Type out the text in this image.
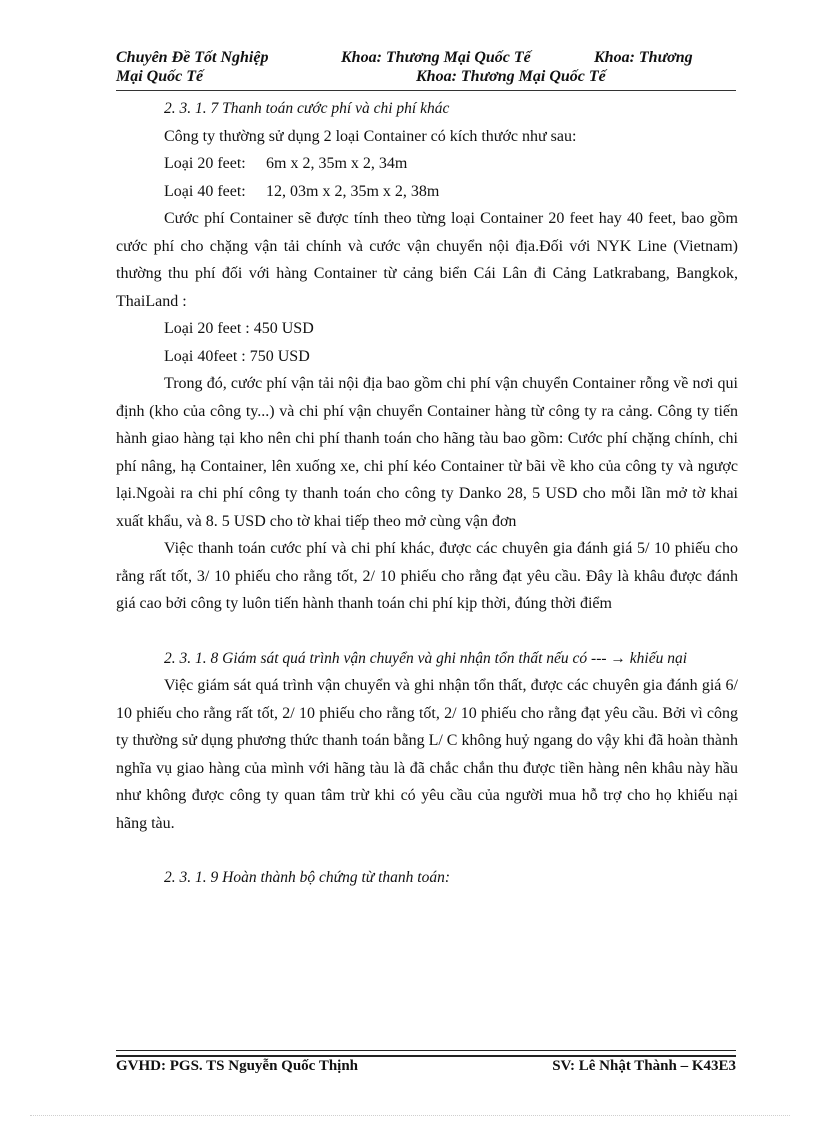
Chuyên Đề Tốt Nghiệp	Khoa: Thương Mại Quốc Tế	Khoa: Thương
Mại Quốc Tế	Khoa: Thương Mại Quốc Tế

2. 3. 1. 7 Thanh toán cước phí và chi phí khác

Công ty thường sử dụng 2 loại Container có kích thước như sau:

Loại 20 feet: 6m x 2, 35m x 2, 34m

Loại 40 feet: 12, 03m x 2, 35m x 2, 38m

Cước phí Container sẽ được tính theo từng loại Container 20 feet hay 40 feet, bao gồm cước phí cho chặng vận tải chính và cước vận chuyển nội địa.Đối với NYK Line (Vietnam) thường thu phí đối với hàng Container từ cảng biển Cái Lân đi Cảng Latkrabang, Bangkok, ThaiLand :

Loại 20 feet : 450 USD

Loại 40feet : 750 USD

Trong đó, cước phí vận tải nội địa bao gồm chi phí vận chuyển Container rỗng về nơi qui định (kho của công ty...) và chi phí vận chuyển Container hàng từ công ty ra cảng. Công ty tiến hành giao hàng tại kho nên chi phí thanh toán cho hãng tàu bao gồm: Cước phí chặng chính, chi phí nâng, hạ Container, lên xuống xe, chi phí kéo Container từ bãi về kho của công ty và ngược lại.Ngoài ra chi phí công ty thanh toán cho công ty Danko 28, 5 USD cho mỗi lần mở tờ khai xuất khẩu, và 8. 5 USD cho tờ khai tiếp theo mở cùng vận đơn

Việc thanh toán cước phí và chi phí khác, được các chuyên gia đánh giá 5/ 10 phiếu cho rằng rất tốt, 3/ 10 phiếu cho rằng tốt, 2/ 10 phiếu cho rằng đạt yêu cầu. Đây là khâu được đánh giá cao bởi công ty luôn tiến hành thanh toán chi phí kịp thời, đúng thời điểm

2. 3. 1. 8 Giám sát quá trình vận chuyển và ghi nhận tổn thất nếu có --- → khiếu nại

Việc giám sát quá trình vận chuyển và ghi nhận tổn thất, được các chuyên gia đánh giá 6/ 10 phiếu cho rằng rất tốt, 2/ 10 phiếu cho rằng tốt, 2/ 10 phiếu cho rằng đạt yêu cầu. Bởi vì công ty thường sử dụng phương thức thanh toán bằng L/ C không huỷ ngang do vậy khi đã hoàn thành nghĩa vụ giao hàng của mình với hãng tàu là đã chắc chắn thu được tiền hàng nên khâu này hầu như không được công ty quan tâm trừ khi có yêu cầu của người mua hỗ trợ cho họ khiếu nại hãng tàu.

2. 3. 1. 9 Hoàn thành bộ chứng từ thanh toán:

GVHD: PGS. TS Nguyễn Quốc Thịnh	SV: Lê Nhật Thành – K43E3
